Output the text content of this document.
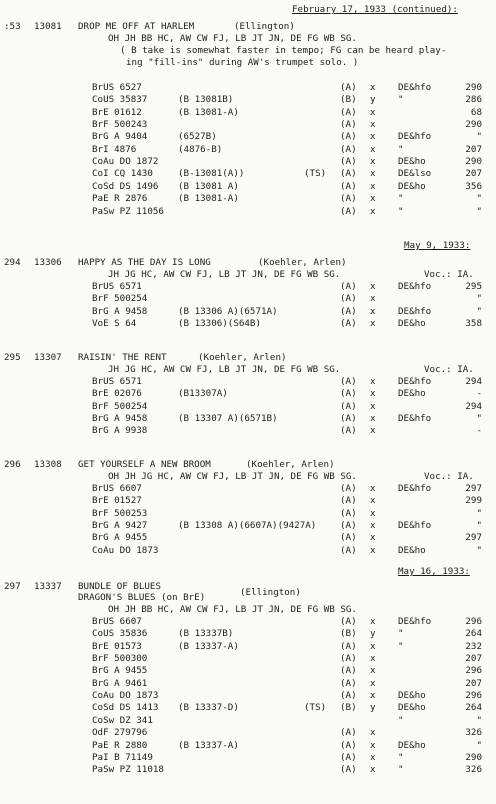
February 17, 1933 (continued):
:53 13081 DROP ME OFF AT HARLEM	(Ellington)
OH JH BB HC, AW CW FJ, LB JT JN, DE FG WB SG.
( B take is somewhat faster in tempo; FG can be heard play-
ing "fill-ins" during AW's trumpet solo. )
BrUS 6527	(A) x DE&hfo	290
CoUS 35837	(B 13081B)	(B) y "	286
BrE 01612	(B 13081-A)	(A) x	68
BrF 500243	(A) x	290
BrG A 9404	(6527B)	(A) x DE&hfo	"
BrI 4876	(4876-B)	(A) x "	207
CoAu DO 1872	(A) x DE&ho	290
CoI CQ 1430	(B-13081(A))	(TS) (A) x DE&lso	207
CoSd DS 1496 (B 13081 A)	(A) x DE&ho	356
PaE R 2876	(B 13081-A)	(A) x "	"
PaSw PZ 11056	(A) x "	"
May 9, 1933:
294 13306 HAPPY AS THE DAY IS LONG	(Koehler, Arlen)
JH JG HC, AW CW FJ, LB JT JN, DE FG WB SG.	Voc.: IA.
BrUS 6571	(A) x DE&hfo	295
BrF 500254	(A) x	"
BrG A 9458	(B 13306 A)(6571A)	(A) x DE&hfo	"
VoE S 64	(B 13306)(S64B)	(A) x DE&ho	358
295 13307 RAISIN' THE RENT	(Koehler, Arlen)
JH JG HC, AW CW FJ, LB JT JN, DE FG WB SG.	Voc.: IA.
BrUS 6571	(A) x DE&hfo	294
BrE 02076	(B13307A)	(A) x DE&ho	-
BrF 500254	(A) x	294
BrG A 9458	(B 13307 A)(6571B)	(A) x DE&hfo	"
BrG A 9938	(A) x	-
296 13308 GET YOURSELF A NEW BROOM	(Koehler, Arlen)
OH JH JG HC, AW CW FJ, LB JT JN, DE FG WB SG.	Voc.: IA.
BrUS 6607	(A) x DE&hfo	297
BrE 01527	(A) x	299
BrF 500253	(A) x	"
BrG A 9427	(B 13308 A)(6607A)(9427A)	(A) x DE&hfo	"
BrG A 9455	(A) x	297
CoAu DO 1873	(A) x DE&ho	"
May 16, 1933:
297 13337 BUNDLE OF BLUES
DRAGON'S BLUES (on BrE)	(Ellington)
OH JH BB HC, AW CW FJ, LB JT JN, DE FG WB SG.
BrUS 6607	(A) x DE&hfo	296
CoUS 35836	(B 13337B)	(B) y "	264
BrE 01573	(B 13337-A)	(A) x "	232
BrF 500300	(A) x	207
BrG A 9455	(A) x	296
BrG A 9461	(A) x	207
CoAu DO 1873	(A) x DE&ho	296
CoSd DS 1413 (B 13337-D)	(TS) (B) y DE&ho	264
CoSw DZ 341	"	"
OdF 279796	(A) x	326
PaE R 2880	(B 13337-A)	(A) x DE&ho	"
PaI B 71149	(A) x "	290
PaSw PZ 11018	(A) x "	326
